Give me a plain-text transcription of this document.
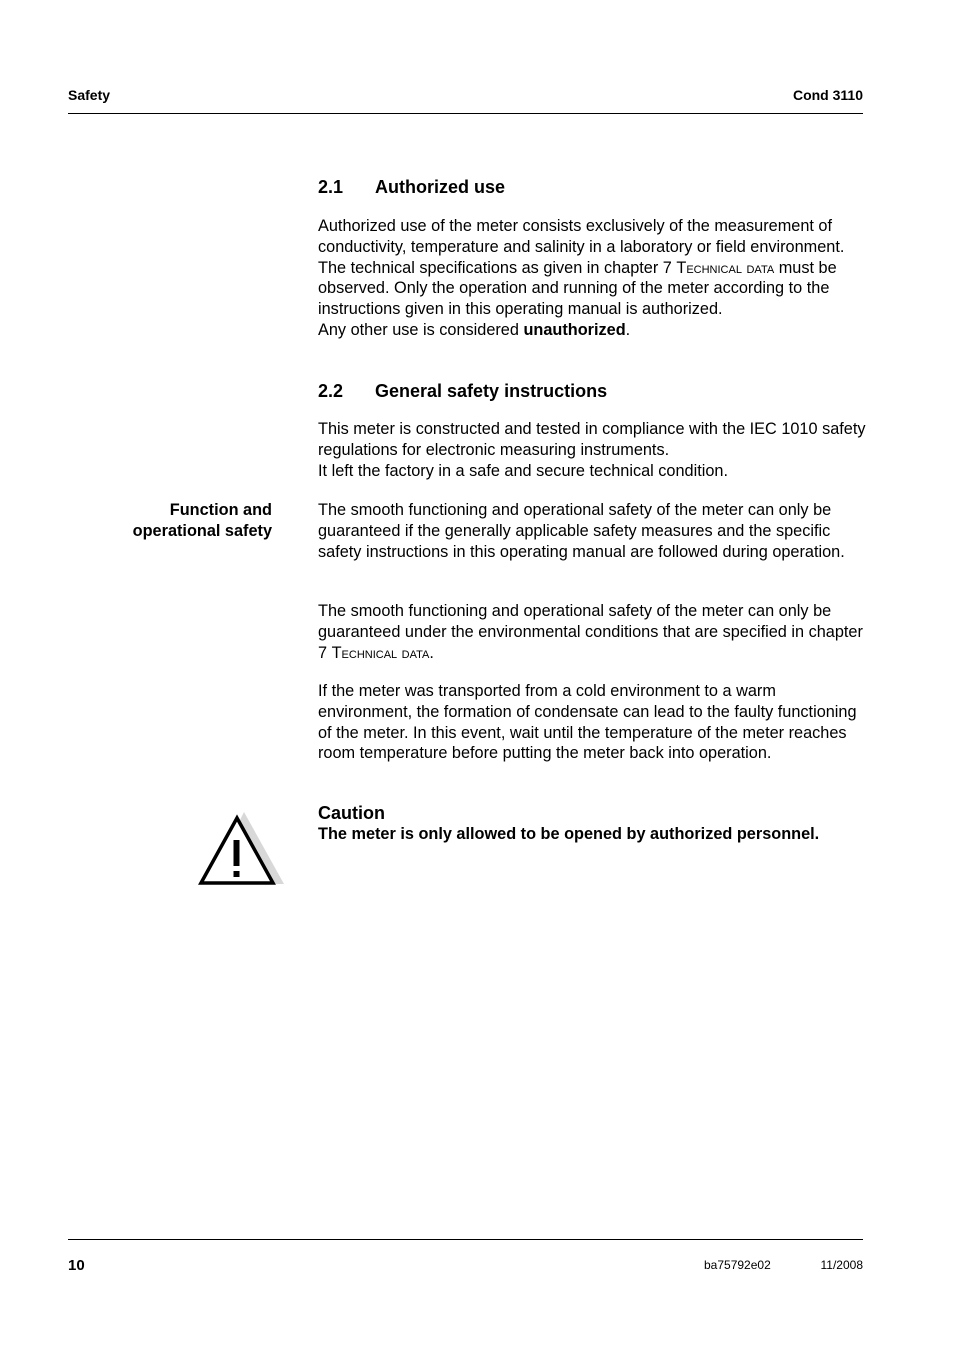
Safety	Cond 3110
2.1 Authorized use

Authorized use of the meter consists exclusively of the measurement of conductivity, temperature and salinity in a laboratory or field environment.

The technical specifications as given in chapter 7 Technical data must be observed. Only the operation and running of the meter according to the instructions given in this operating manual is authorized.

Any other use is considered unauthorized.

2.2 General safety instructions

This meter is constructed and tested in compliance with the IEC 1010 safety regulations for electronic measuring instruments.

It left the factory in a safe and secure technical condition.

Function and
operational safety
The smooth functioning and operational safety of the meter can only be guaranteed if the generally applicable safety measures and the specific safety instructions in this operating manual are followed during operation.
The smooth functioning and operational safety of the meter can only be guaranteed under the environmental conditions that are specified in chapter 7 Technical data.
If the meter was transported from a cold environment to a warm environment, the formation of condensate can lead to the faulty functioning of the meter. In this event, wait until the temperature of the meter reaches room temperature before putting the meter back into operation.
Caution
The meter is only allowed to be opened by authorized personnel.
10	ba75792e02	11/2008
